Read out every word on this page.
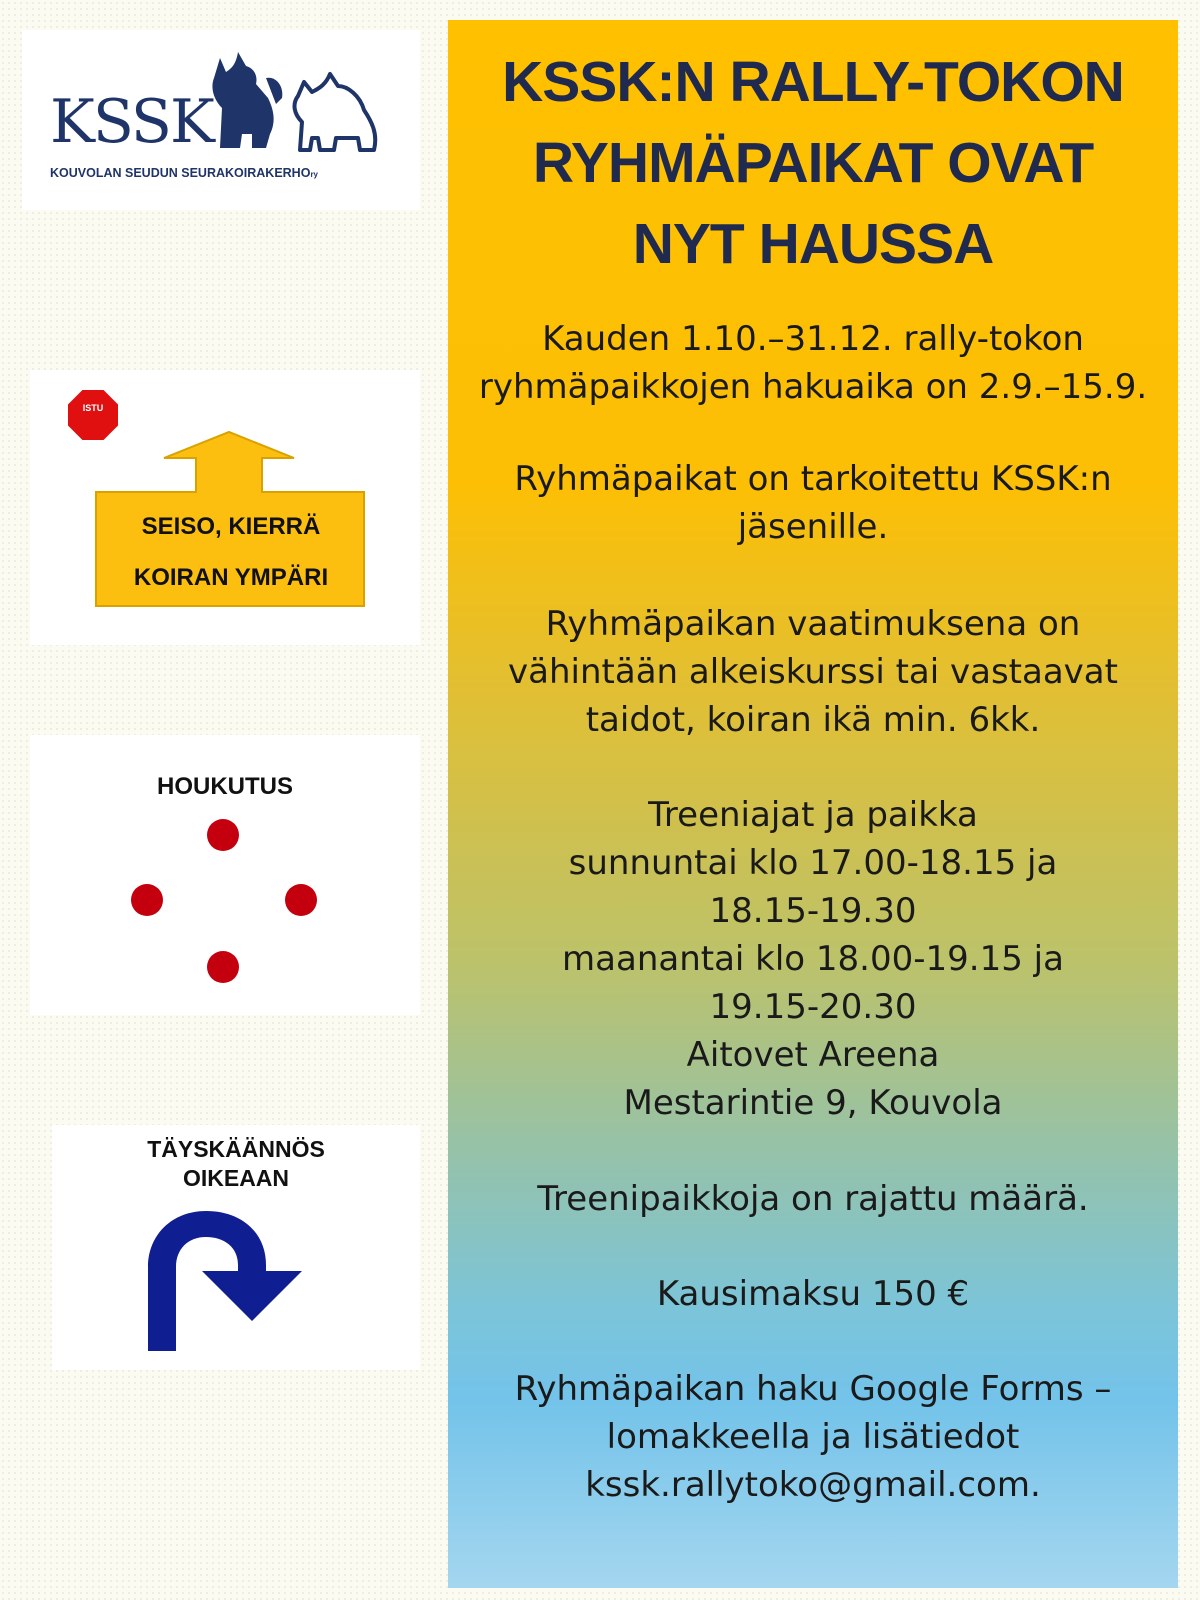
KSSK
KOUVOLAN SEUDUN SEURAKOIRAKERHOry
ISTU
SEISO, KIERRÄ
KOIRAN YMPÄRI
HOUKUTUS
TÄYSKÄÄNNÖS
OIKEAAN
KSSK:N RALLY-TOKON
RYHMÄPAIKAT OVAT
NYT HAUSSA
Kauden 1.10.–31.12. rally-tokon
ryhmäpaikkojen hakuaika on 2.9.–15.9.
Ryhmäpaikat on tarkoitettu KSSK:n
jäsenille.
Ryhmäpaikan vaatimuksena on
vähintään alkeiskurssi tai vastaavat
taidot, koiran ikä min. 6kk.
Treeniajat ja paikka
sunnuntai klo 17.00-18.15 ja
18.15-19.30
maanantai klo 18.00-19.15 ja
19.15-20.30
Aitovet Areena
Mestarintie 9, Kouvola
Treenipaikkoja on rajattu määrä.
Kausimaksu 150 €
Ryhmäpaikan haku Google Forms –
lomakkeella ja lisätiedot
kssk.rallytoko@gmail.com.
